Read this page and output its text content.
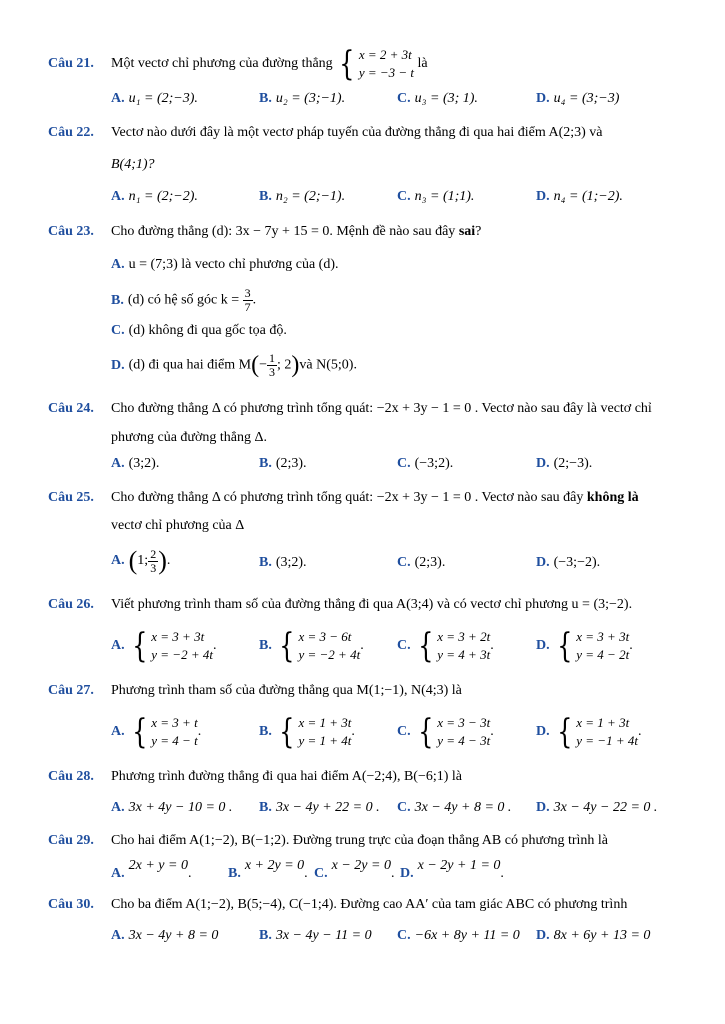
Câu 21. Một vectơ chỉ phương của đường thẳng { x = 2 + 3t
y = −3 − t
là
A. u₁ = (2;−3).	B. u₂ = (3;−1).	C. u₃ = (3; 1).	D. u₄ = (3;−3)
Câu 22. Vectơ nào dưới đây là một vectơ pháp tuyến của đường thẳng đi qua hai điểm A(2;3) và
B(4;1)?
A. n₁ = (2;−2).	B. n₂ = (2;−1).	C. n₃ = (1;1).	D. n₄ = (1;−2).
Câu 23. Cho đường thẳng (d): 3x − 7y + 15 = 0. Mệnh đề nào sau đây sai?
A. u = (7;3) là vecto chỉ phương của (d).
B. (d) có hệ số góc $k = \frac{3}{7}$ .
C. (d) không đi qua gốc tọa độ.
D. (d) đi qua hai điểm $M(- \frac{1}{3}$ ; 2)và N(5;0).
Câu 24. Cho đường thẳng Δ có phương trình tổng quát: −2x + 3y − 1 = 0 . Vectơ nào sau đây là vectơ chỉ
phương của đường thẳng Δ.
A. (3;2).	B. (2;3).	C. (−3;2).	D. (2;−3).
Câu 25. Cho đường thẳng Δ có phương trình tổng quát: −2x + 3y − 1 = 0 . Vectơ nào sau đây không là
vectơ chỉ phương của Δ
A. (1; $\frac{2}{3}$ ).	B. (3;2).	C. (2;3).	D. (−3;−2).
Câu 26. Viết phương trình tham số của đường thẳng đi qua A(3;4) và có vectơ chỉ phương u = (3;−2).
A. { x = 3 + 3t
y = −2 + 4t
.	B. { x = 3 − 6t
y = −2 + 4t
. C. { x = 3 + 2t
y = 4 + 3t
.	D. { x = 3 + 3t
y = 4 − 2t
.
Câu 27. Phương trình tham số của đường thẳng qua M(1;−1), N(4;3) là
A. { x = 3 + t
y = 4 − t
.	B. { x = 1 + 3t
y = 1 + 4t
.	C. { x = 3 − 3t
y = 4 − 3t
.	D. { x = 1 + 3t
y = −1 + 4t
.
Câu 28. Phương trình đường thẳng đi qua hai điểm A(−2;4), B(−6;1) là
A. 3x + 4y − 10 = 0 . B. 3x − 4y + 22 = 0 . C. 3x − 4y + 8 = 0 . D. 3x − 4y − 22 = 0 .
Câu 29. Cho hai điểm A(1;−2), B(−1;2). Đường trung trực của đoạn thẳng AB có phương trình là
A.2x + y = 0.	B.x + 2y = 0. C.x − 2y = 0. D.x − 2y + 1 = 0.
Câu 30. Cho ba điểm A(1;−2), B(5;−4), C(−1;4). Đường cao AA′ của tam giác ABC có phương trình
A. 3x − 4y + 8 = 0	B. 3x − 4y − 11 = 0 C. −6x + 8y + 11 = 0 D. 8x + 6y + 13 = 0
